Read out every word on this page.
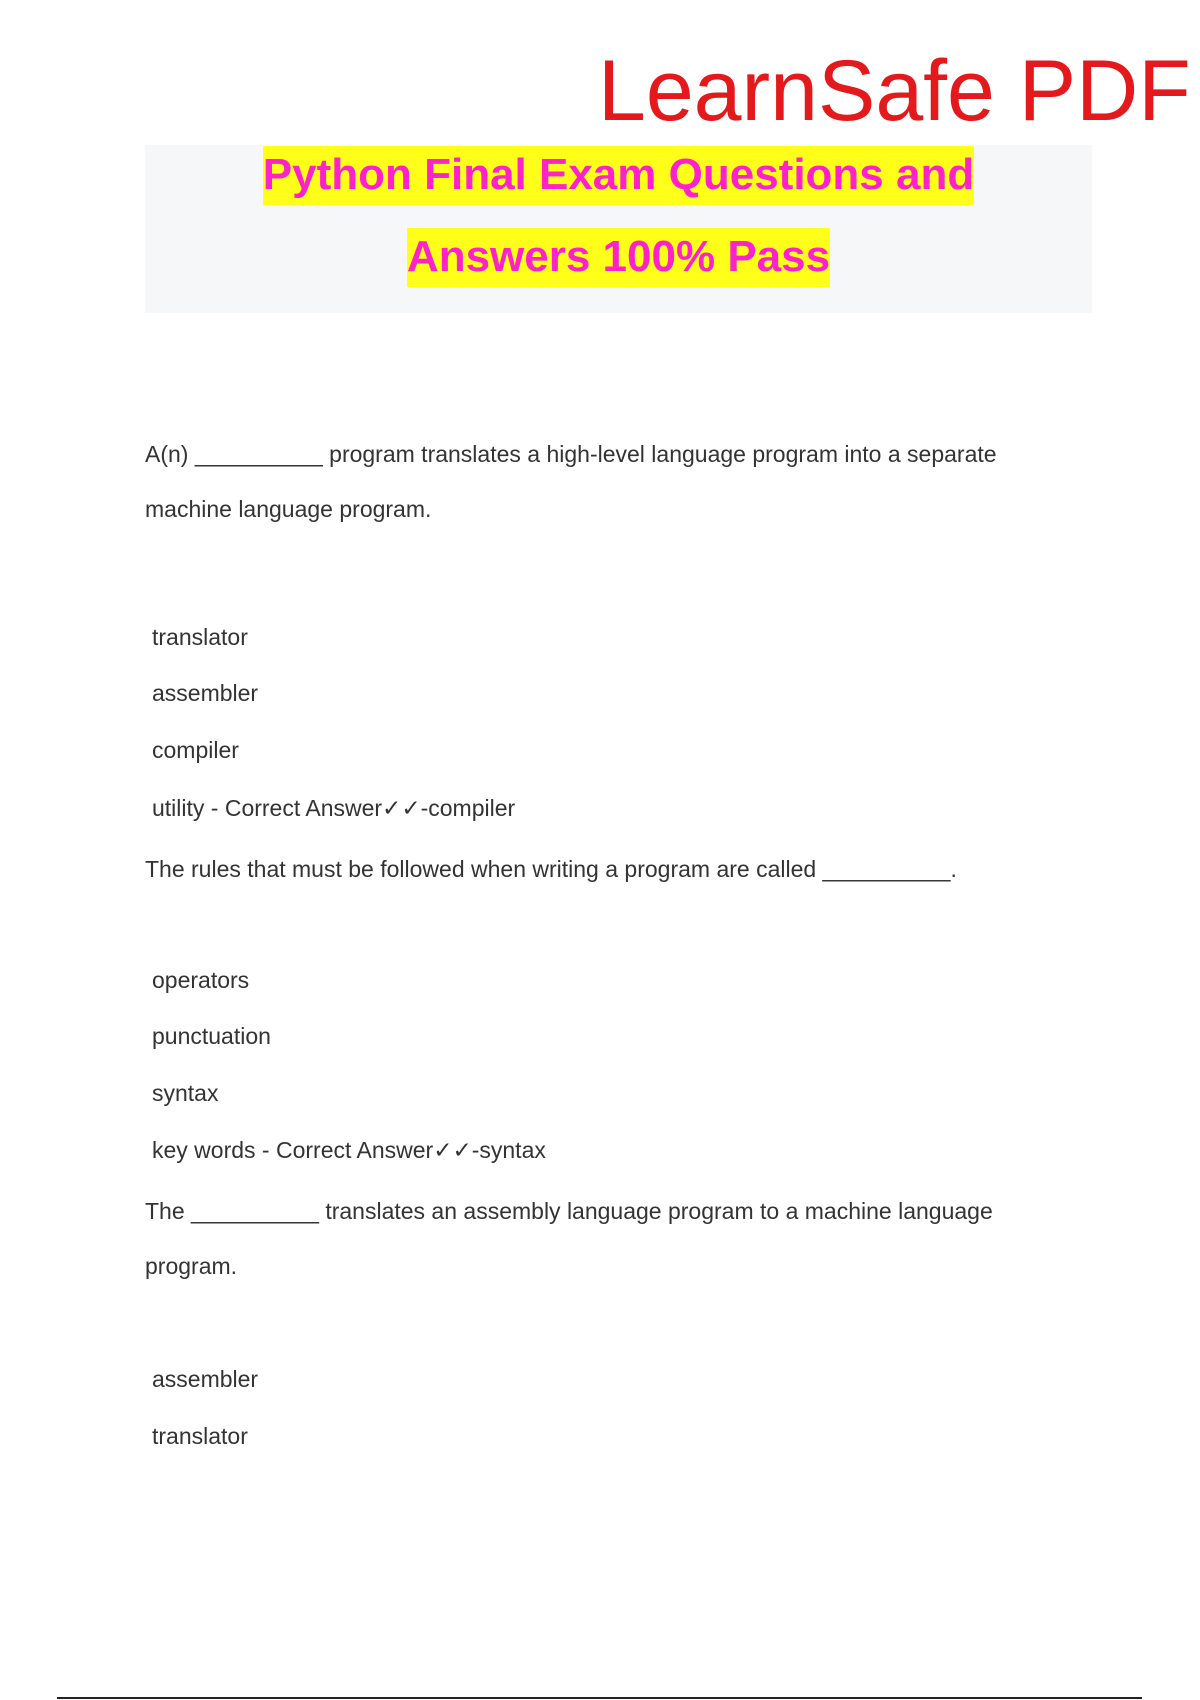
LearnSafe PDF
Python Final Exam Questions and
Answers 100% Pass
A(n) __________ program translates a high-level language program into a separate
machine language program.
translator
assembler
compiler
utility - Correct Answer✓✓-compiler
The rules that must be followed when writing a program are called __________.
operators
punctuation
syntax
key words - Correct Answer✓✓-syntax
The __________ translates an assembly language program to a machine language
program.
assembler
translator
